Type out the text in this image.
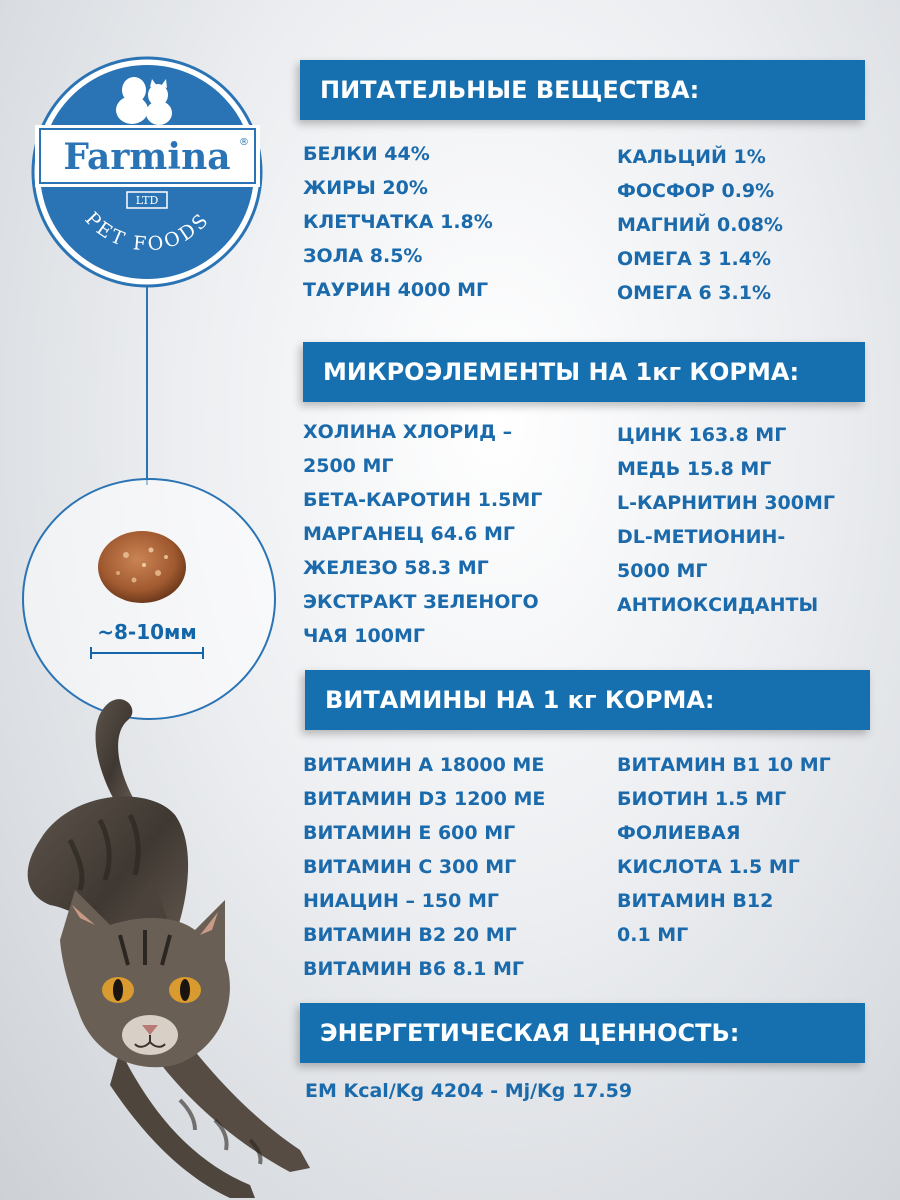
Farmina ®
LTD
PET FOODS
~8-10мм
ПИТАТЕЛЬНЫЕ ВЕЩЕСТВА:
БЕЛКИ 44%
ЖИРЫ 20%
КЛЕТЧАТКА 1.8%
ЗОЛА 8.5%
ТАУРИН 4000 МГ
КАЛЬЦИЙ 1%
ФОСФОР 0.9%
МАГНИЙ 0.08%
ОМЕГА 3 1.4%
ОМЕГА 6 3.1%
МИКРОЭЛЕМЕНТЫ НА 1кг КОРМА:
ХОЛИНА ХЛОРИД –
2500 МГ
БЕТА-КАРОТИН 1.5МГ
МАРГАНЕЦ 64.6 МГ
ЖЕЛЕЗО 58.3 МГ
ЭКСТРАКТ ЗЕЛЕНОГО
ЧАЯ 100МГ
ЦИНК 163.8 МГ
МЕДЬ 15.8 МГ
L-КАРНИТИН 300МГ
DL-МЕТИОНИН-
5000 МГ
АНТИОКСИДАНТЫ
ВИТАМИНЫ НА 1 кг КОРМА:
ВИТАМИН А 18000 МЕ
ВИТАМИН D3 1200 МЕ
ВИТАМИН Е 600 МГ
ВИТАМИН С 300 МГ
НИАЦИН – 150 МГ
ВИТАМИН В2 20 МГ
ВИТАМИН В6 8.1 МГ
ВИТАМИН В1 10 МГ
БИОТИН 1.5 МГ
ФОЛИЕВАЯ
КИСЛОТА 1.5 МГ
ВИТАМИН В12
0.1 МГ
ЭНЕРГЕТИЧЕСКАЯ ЦЕННОСТЬ:
EM Kcal/Kg 4204 - Mj/Kg 17.59
